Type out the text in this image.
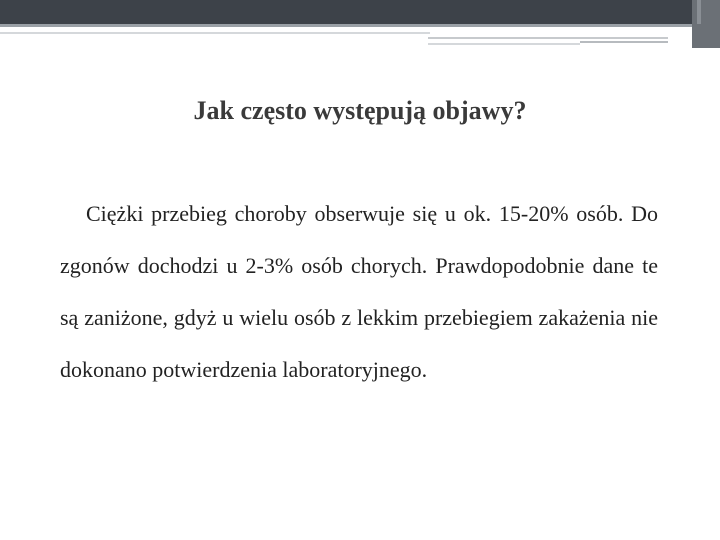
Jak często występują objawy?

Ciężki przebieg choroby obserwuje się u ok. 15-20% osób. Do zgonów dochodzi u 2-3% osób chorych. Prawdopodobnie dane te są zaniżone, gdyż u wielu osób z lekkim przebiegiem zakażenia nie dokonano potwierdzenia laboratoryjnego.
